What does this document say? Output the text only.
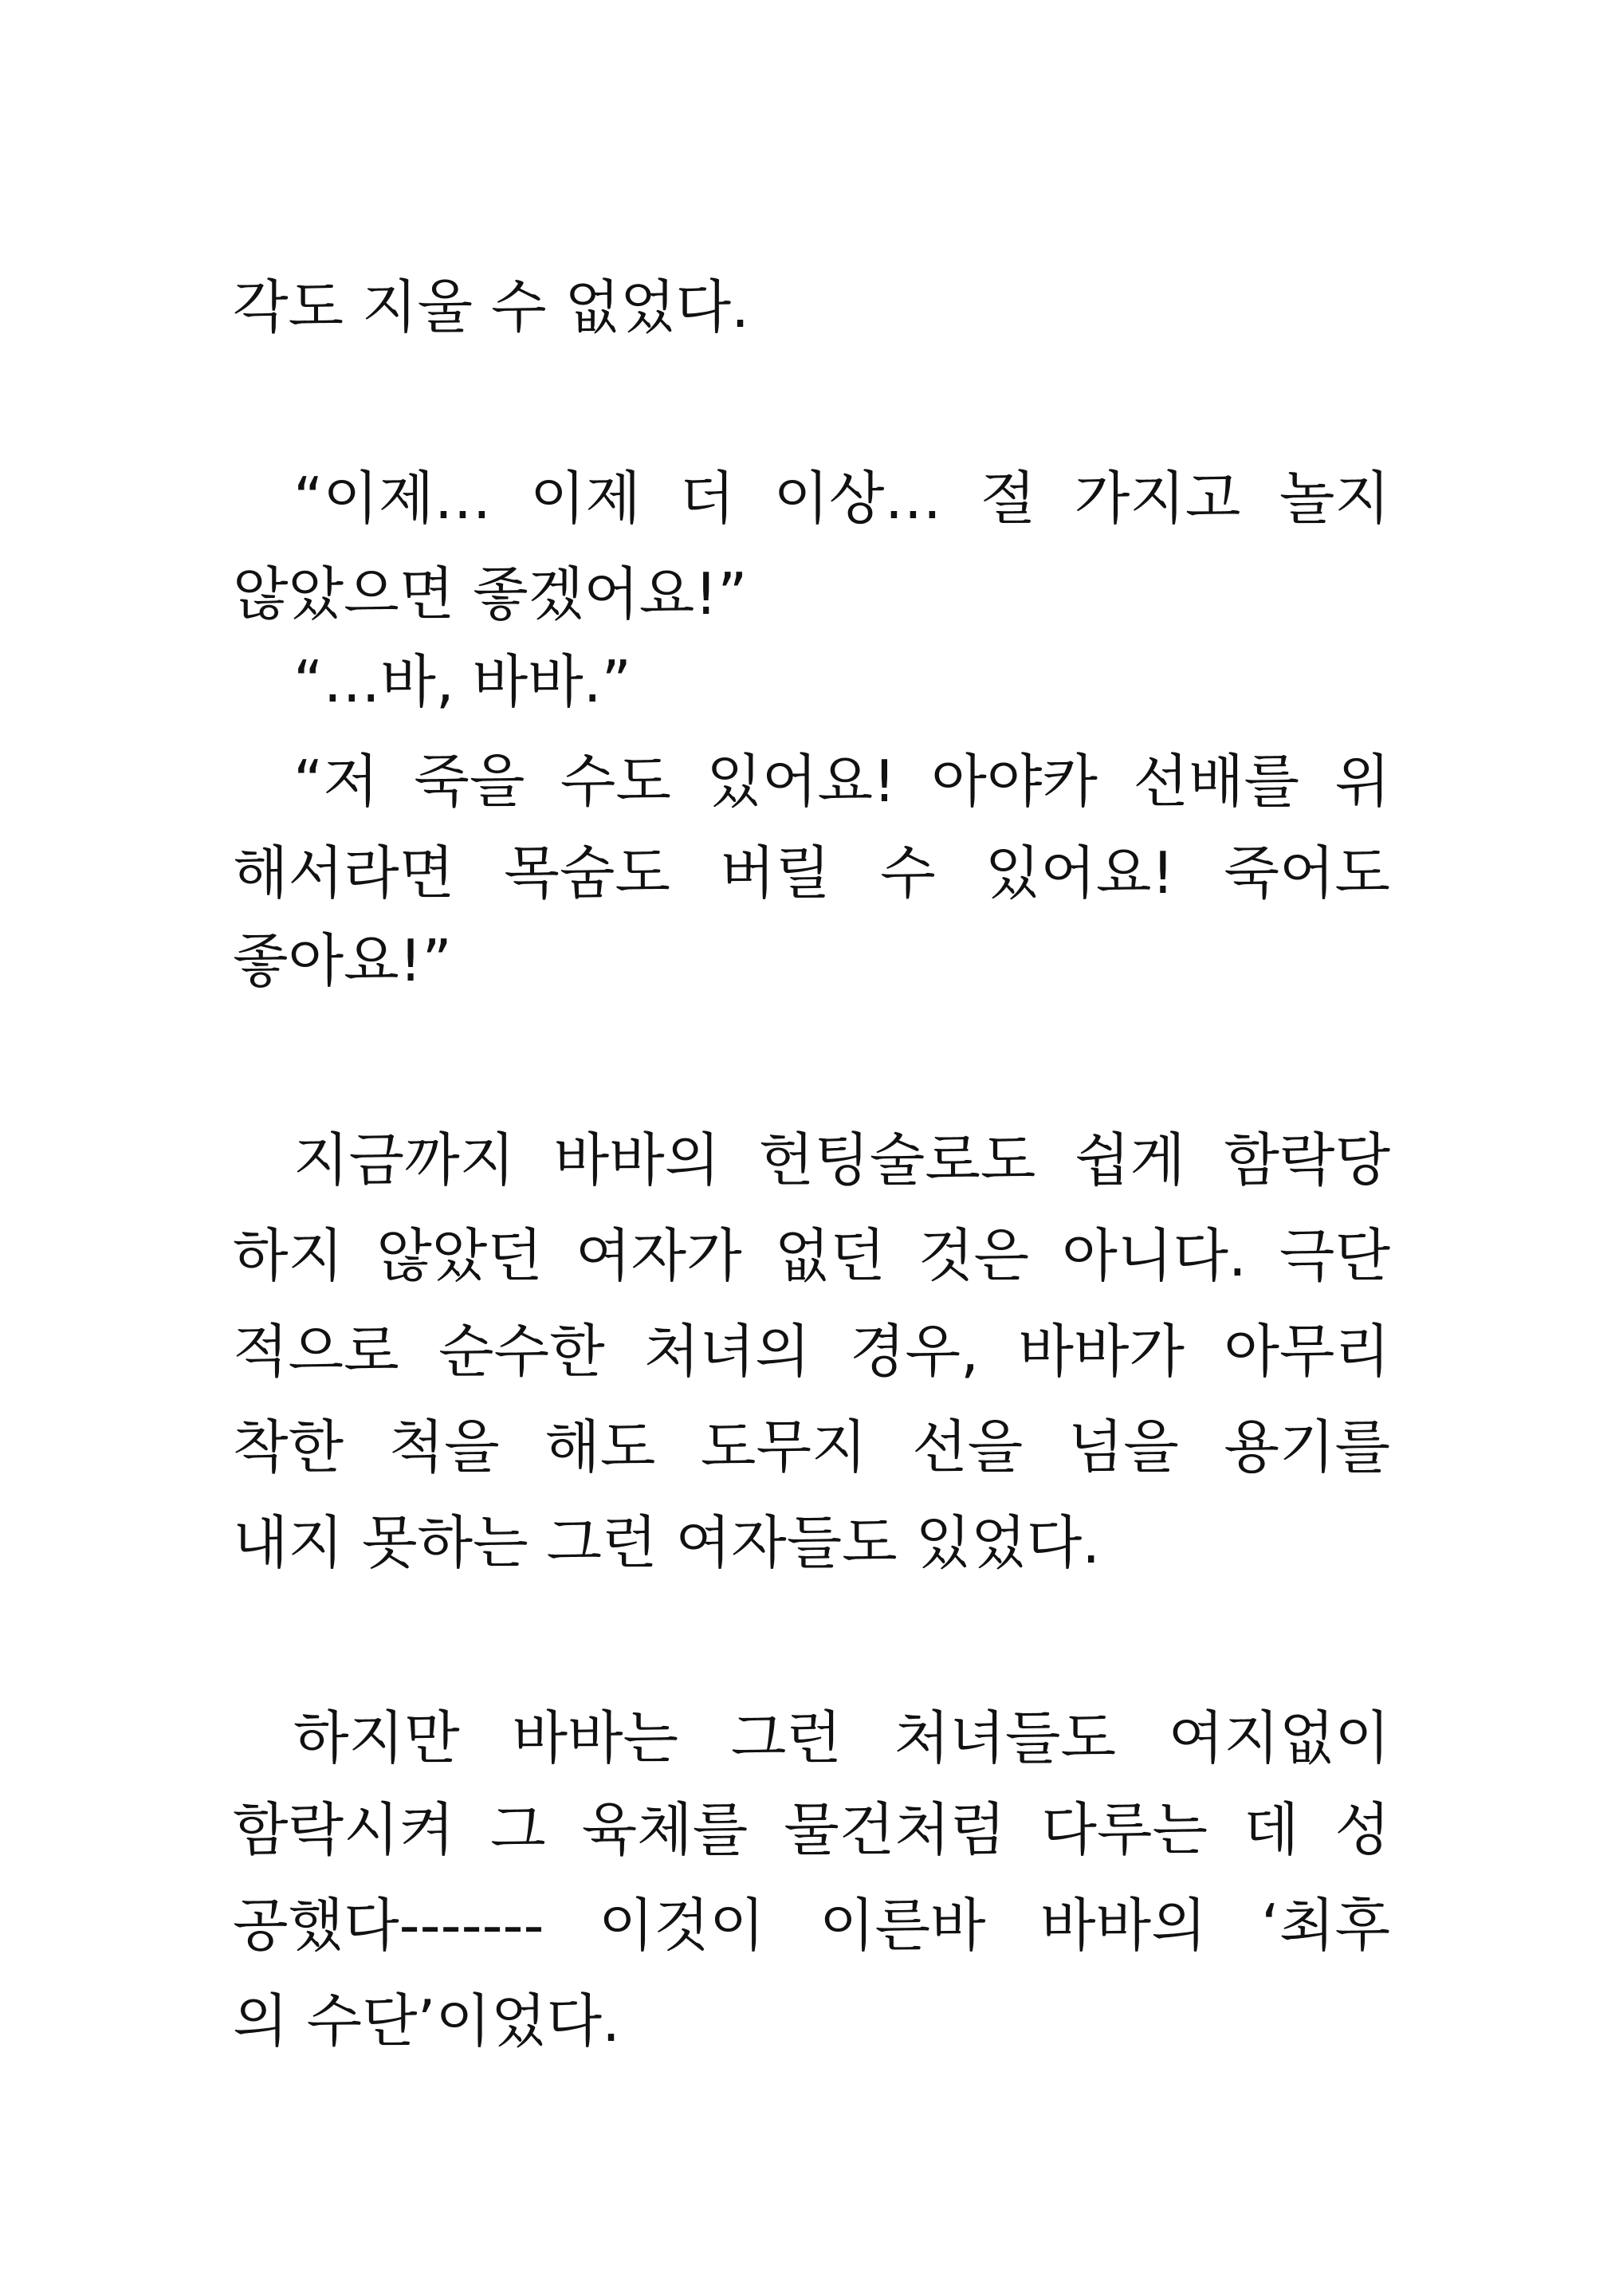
각도 지울 수 없었다.

“이제… 이제 더 이상… 절 가지고 놀지

않았으면 좋겠어요!”

“…바, 바바.”

“저 죽을 수도 있어요! 아야카 선배를 위

해서라면 목숨도 버릴 수 있어요! 죽어도

좋아요!”

지금까지 바바의 헌팅술로도 쉽게 함락당

하지 않았던 여자가 없던 것은 아니다. 극단

적으로 순수한 처녀의 경우, 바바가 아무리

착한 척을 해도 도무지 선을 넘을 용기를

내지 못하는 그런 여자들도 있었다.

하지만 바바는 그런 처녀들도 여지없이

함락시켜 그 육체를 물건처럼 다루는 데 성

공했다------- 이것이 이른바 바바의 ‘최후

의 수단’이었다.
